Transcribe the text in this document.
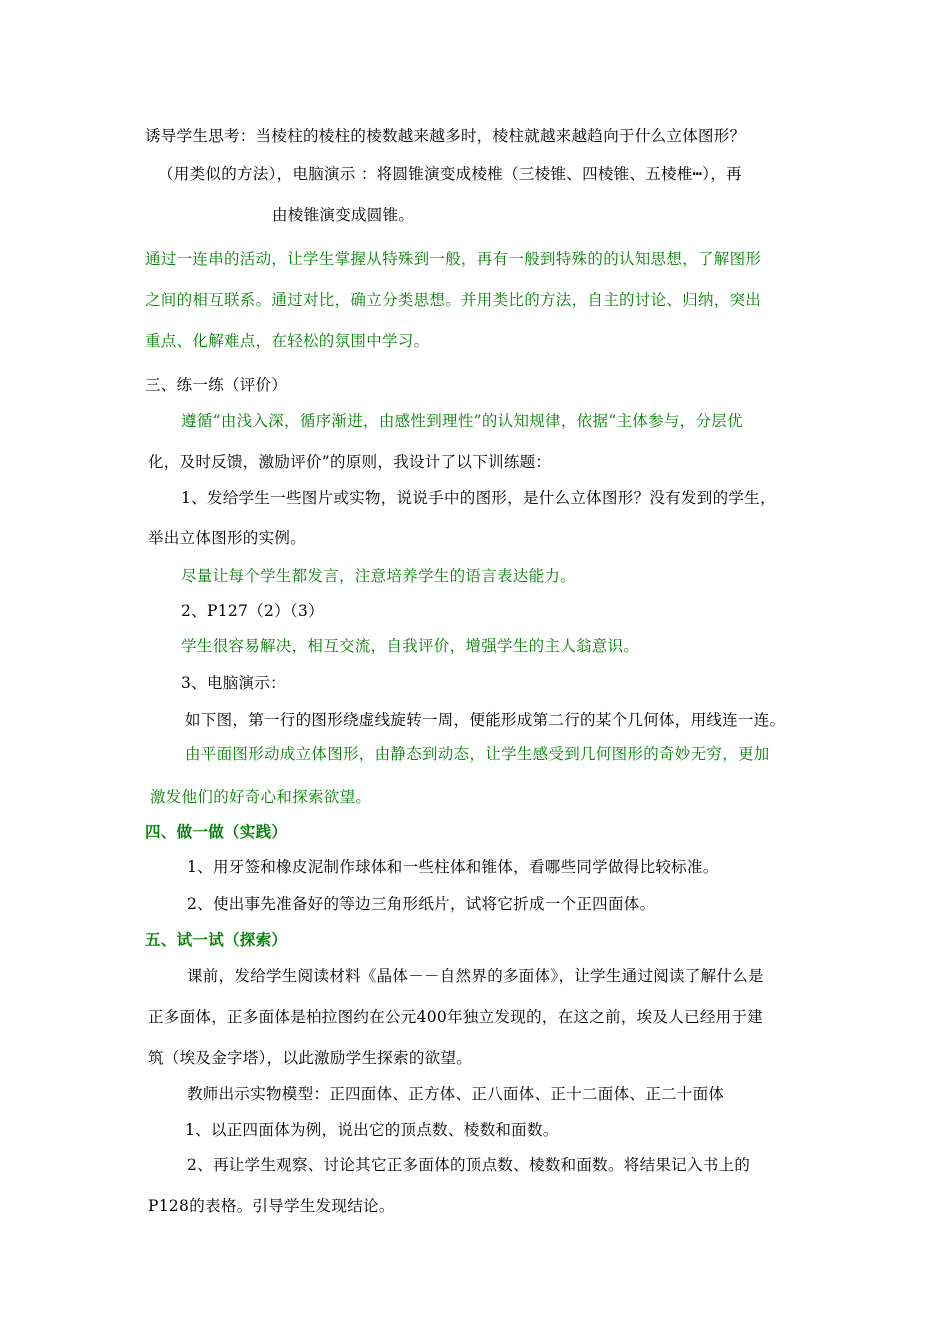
诱导学生思考：当棱柱的棱柱的棱数越来越多时，棱柱就越来越趋向于什么立体图形？
（用类似的方法），电脑演示 ：将圆锥演变成棱椎（三棱锥、四棱锥、五棱椎┅），再
由棱锥演变成圆锥。
通过一连串的活动，让学生掌握从特殊到一般，再有一般到特殊的的认知思想，了解图形
之间的相互联系。通过对比，确立分类思想。并用类比的方法，自主的讨论、归纳，突出
重点、化解难点，在轻松的氛围中学习。
三、练一练（评价）
遵循“由浅入深，循序渐进，由感性到理性”的认知规律，依据“主体参与，分层优
化，及时反馈，激励评价”的原则，我设计了以下训练题：
1、发给学生一些图片或实物，说说手中的图形，是什么立体图形？没有发到的学生，
举出立体图形的实例。
尽量让每个学生都发言，注意培养学生的语言表达能力。
2、P127（2）（3）
学生很容易解决，相互交流，自我评价，增强学生的主人翁意识。
3、电脑演示：
如下图，第一行的图形绕虚线旋转一周，便能形成第二行的某个几何体，用线连一连。
由平面图形动成立体图形，由静态到动态，让学生感受到几何图形的奇妙无穷，更加
激发他们的好奇心和探索欲望。
四、做一做（实践）
1、用牙签和橡皮泥制作球体和一些柱体和锥体，看哪些同学做得比较标准。
2、使出事先准备好的等边三角形纸片，试将它折成一个正四面体。
五、试一试（探索）
课前，发给学生阅读材料《晶体－－自然界的多面体》，让学生通过阅读了解什么是
正多面体，正多面体是柏拉图约在公元400年独立发现的，在这之前，埃及人已经用于建
筑（埃及金字塔），以此激励学生探索的欲望。
教师出示实物模型：正四面体、正方体、正八面体、正十二面体、正二十面体
1、以正四面体为例，说出它的顶点数、棱数和面数。
2、再让学生观察、讨论其它正多面体的顶点数、棱数和面数。将结果记入书上的
P128的表格。引导学生发现结论。
